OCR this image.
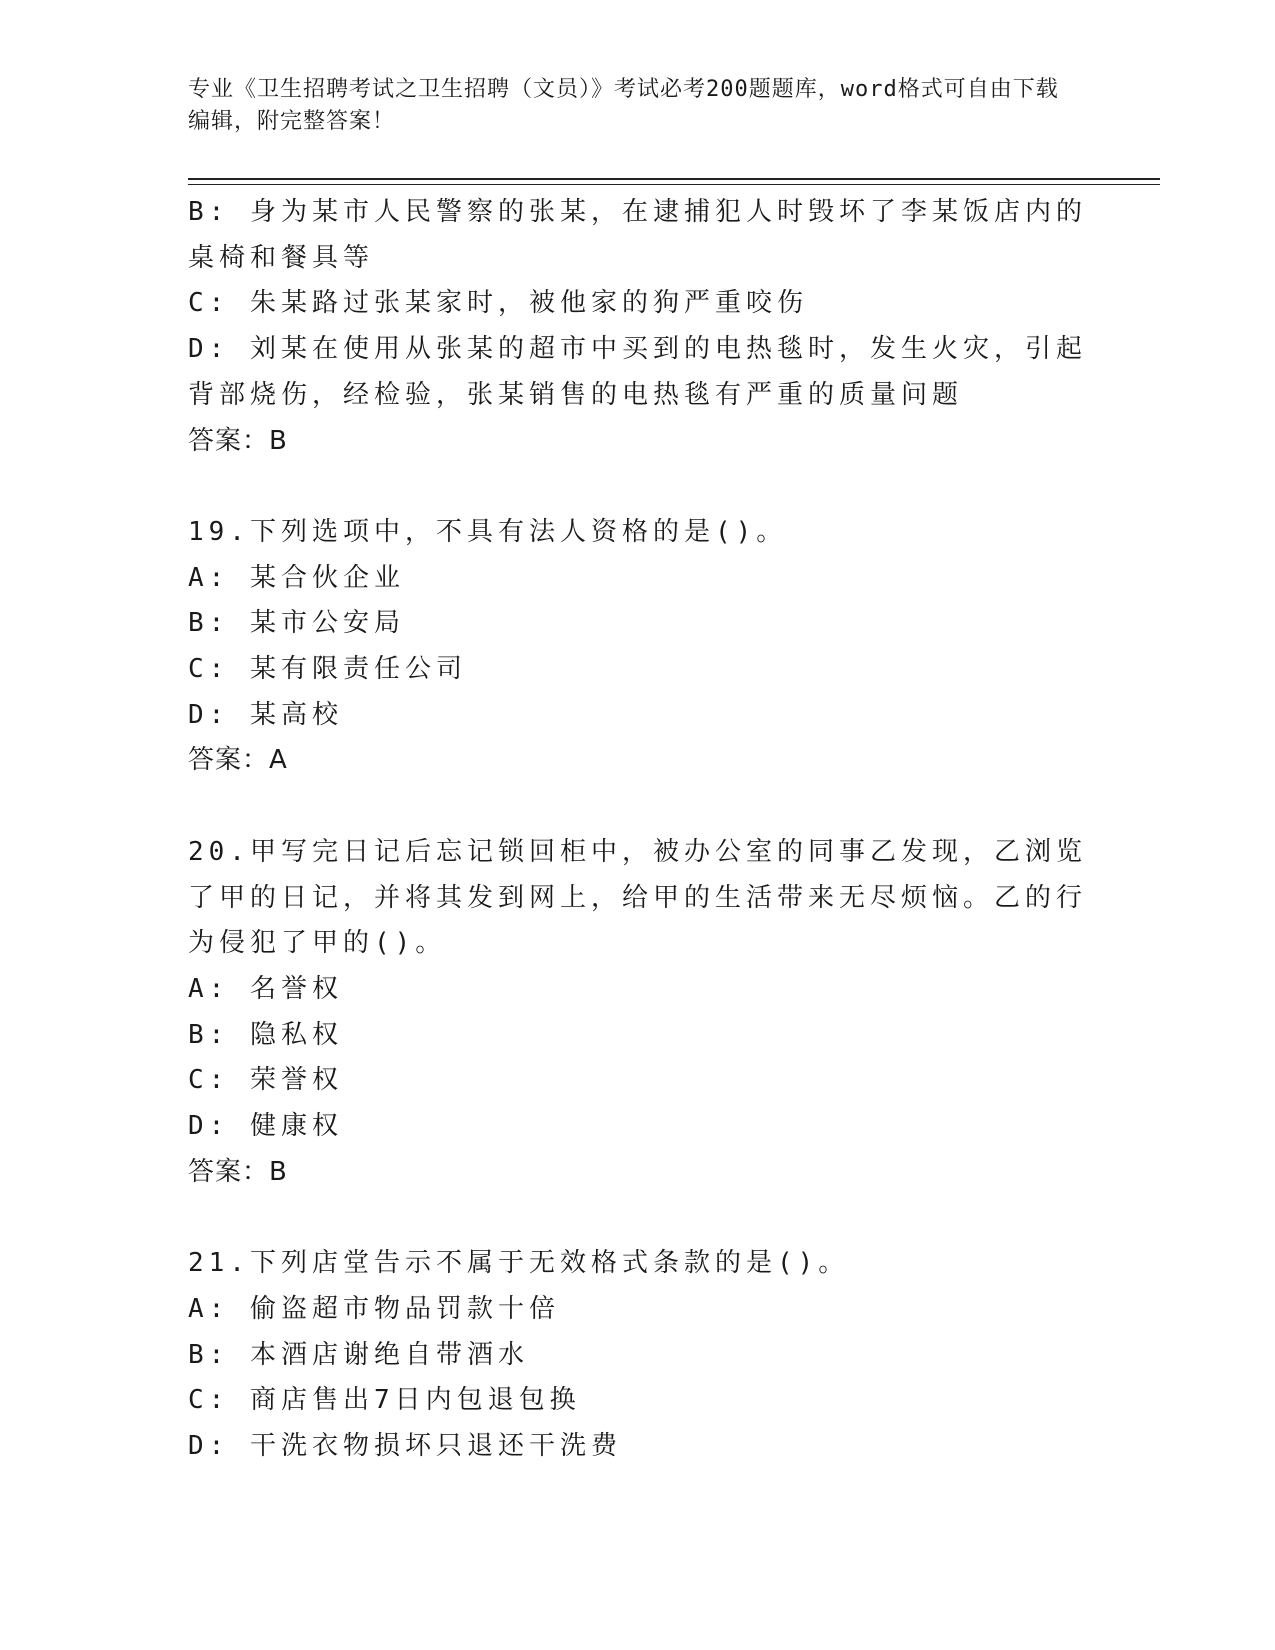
专业《卫生招聘考试之卫生招聘（文员）》考试必考200题题库，word格式可自由下载编辑，附完整答案！
B: 身为某市人民警察的张某，在逮捕犯人时毁坏了李某饭店内的桌椅和餐具等
C: 朱某路过张某家时，被他家的狗严重咬伤
D: 刘某在使用从张某的超市中买到的电热毯时，发生火灾，引起背部烧伤，经检验，张某销售的电热毯有严重的质量问题
答案：B
19.下列选项中，不具有法人资格的是()。
A: 某合伙企业
B: 某市公安局
C: 某有限责任公司
D: 某高校
答案：A
20.甲写完日记后忘记锁回柜中，被办公室的同事乙发现，乙浏览了甲的日记，并将其发到网上，给甲的生活带来无尽烦恼。乙的行为侵犯了甲的()。
A: 名誉权
B: 隐私权
C: 荣誉权
D: 健康权
答案：B
21.下列店堂告示不属于无效格式条款的是()。
A: 偷盗超市物品罚款十倍
B: 本酒店谢绝自带酒水
C: 商店售出7日内包退包换
D: 干洗衣物损坏只退还干洗费
